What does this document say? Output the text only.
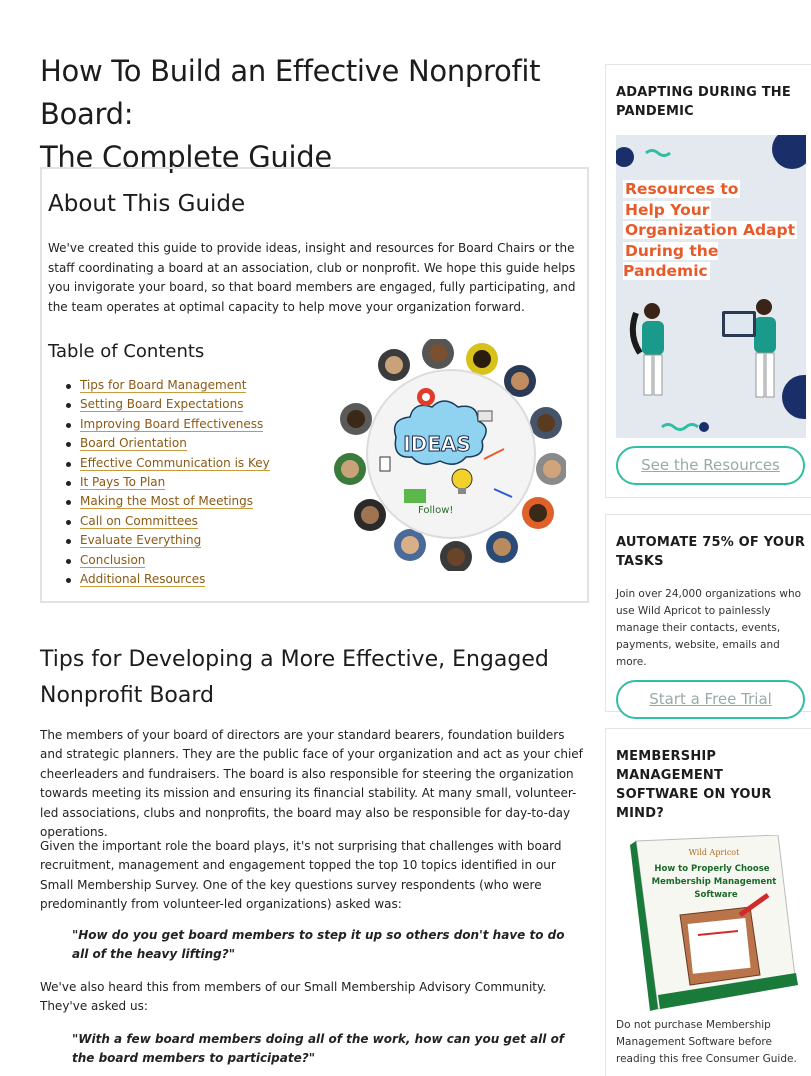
How To Build an Effective Nonprofit Board:
The Complete Guide
About This Guide

We've created this guide to provide ideas, insight and resources for Board Chairs or the staff coordinating a board at an association, club or nonprofit. We hope this guide helps you invigorate your board, so that board members are engaged, fully participating, and the team operates at optimal capacity to help move your organization forward.

Table of Contents
Tips for Board Management
Setting Board Expectations
Improving Board Effectiveness
Board Orientation
Effective Communication is Key
It Pays To Plan
Making the Most of Meetings
Call on Committees
Evaluate Everything
Conclusion
Additional Resources
IDEAS
Follow!
Tips for Developing a More Effective, Engaged Nonprofit Board

The members of your board of directors are your standard bearers, foundation builders and strategic planners. They are the public face of your organization and act as your chief cheerleaders and fundraisers. The board is also responsible for steering the organization towards meeting its mission and ensuring its financial stability. At many small, volunteer-led associations, clubs and nonprofits, the board may also be responsible for day-to-day operations.

Given the important role the board plays, it's not surprising that challenges with board recruitment, management and engagement topped the top 10 topics identified in our Small Membership Survey. One of the key questions survey respondents (who were predominantly from volunteer-led organizations) asked was:

"How do you get board members to step it up so others don't have to do all of the heavy lifting?"

We've also heard this from members of our Small Membership Advisory Community. They've asked us:

"With a few board members doing all of the work, how can you get all of the board members to participate?"

ADAPTING DURING THE PANDEMIC
Resources to
Help Your
Organization Adapt
During the Pandemic
See the Resources
AUTOMATE 75% OF YOUR TASKS

Join over 24,000 organizations who use Wild Apricot to painlessly manage their contacts, events, payments, website, emails and more.

Start a Free Trial
MEMBERSHIP MANAGEMENT SOFTWARE ON YOUR MIND?
Wild Apricot
How to Properly Choose
Membership Management
Software

Do not purchase Membership Management Software before reading this free Consumer Guide.
